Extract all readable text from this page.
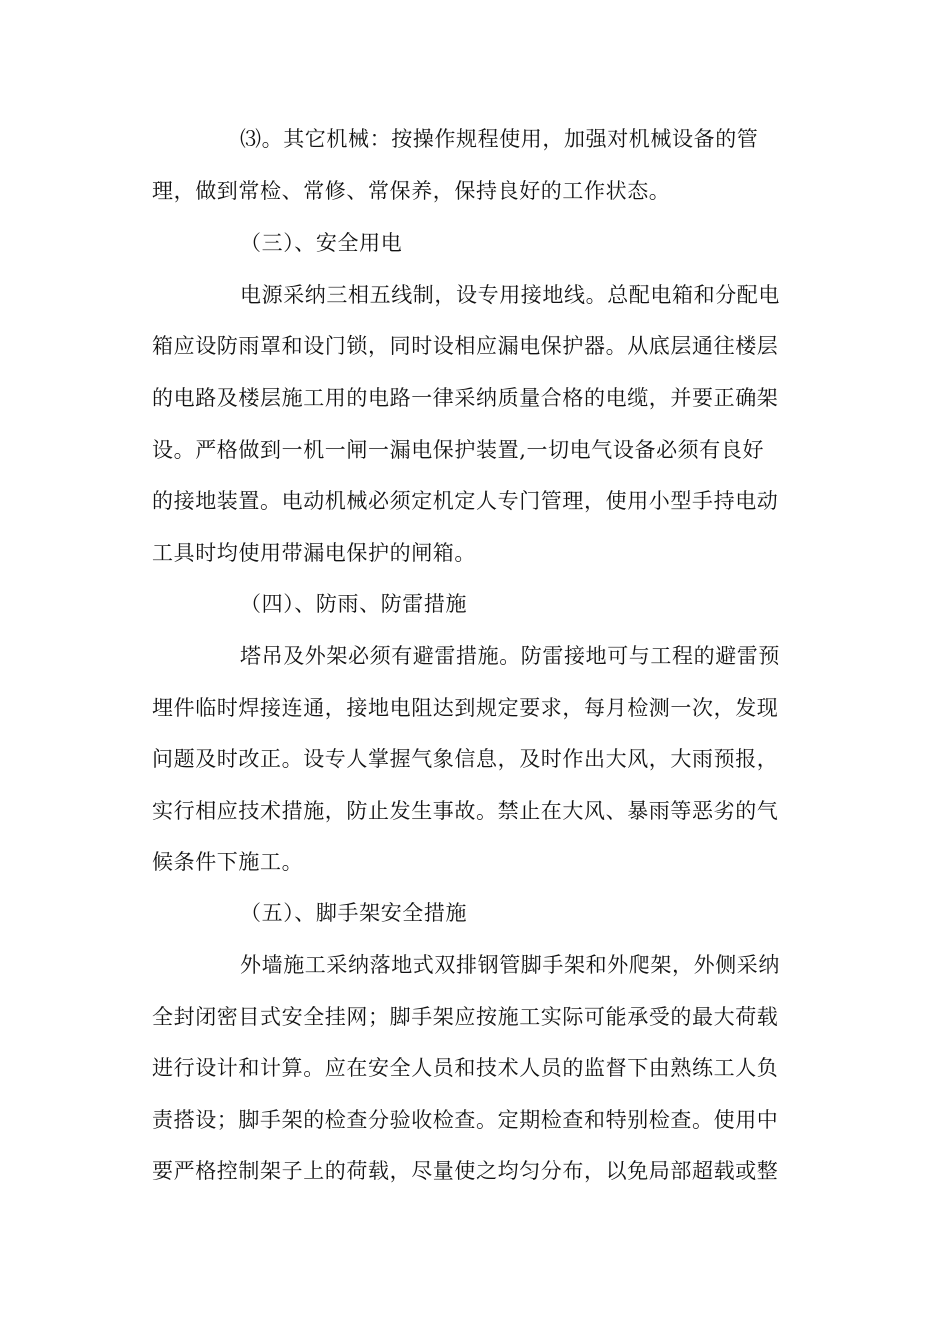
⑶。其它机械：按操作规程使用，加强对机械设备的管
理，做到常检、常修、常保养，保持良好的工作状态。
（三）、安全用电
电源采纳三相五线制，设专用接地线。总配电箱和分配电
箱应设防雨罩和设门锁，同时设相应漏电保护器。从底层通往楼层
的电路及楼层施工用的电路一律采纳质量合格的电缆，并要正确架
设。严格做到一机一闸一漏电保护装置,一切电气设备必须有良好
的接地装置。电动机械必须定机定人专门管理，使用小型手持电动
工具时均使用带漏电保护的闸箱。
（四）、防雨、防雷措施
塔吊及外架必须有避雷措施。防雷接地可与工程的避雷预
埋件临时焊接连通，接地电阻达到规定要求，每月检测一次，发现
问题及时改正。设专人掌握气象信息，及时作出大风，大雨预报，
实行相应技术措施，防止发生事故。禁止在大风、暴雨等恶劣的气
候条件下施工。
（五）、脚手架安全措施
外墙施工采纳落地式双排钢管脚手架和外爬架，外侧采纳
全封闭密目式安全挂网；脚手架应按施工实际可能承受的最大荷载
进行设计和计算。应在安全人员和技术人员的监督下由熟练工人负
责搭设；脚手架的检查分验收检查。定期检查和特别检查。使用中
要严格控制架子上的荷载，尽量使之均匀分布，以免局部超载或整
